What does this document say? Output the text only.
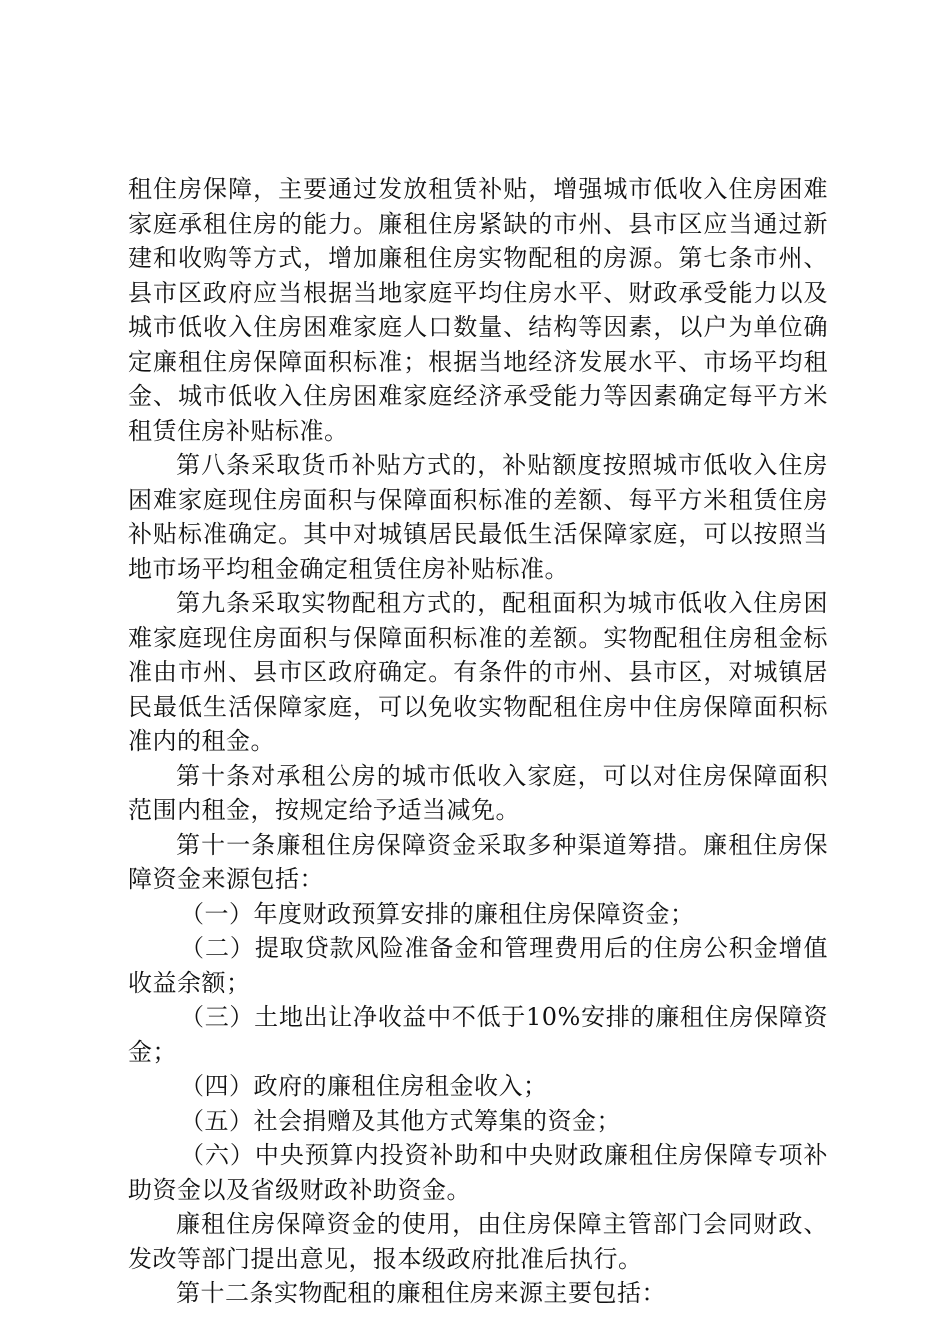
租住房保障，主要通过发放租赁补贴，增强城市低收入住房困难家庭承租住房的能力。廉租住房紧缺的市州、县市区应当通过新建和收购等方式，增加廉租住房实物配租的房源。第七条市州、县市区政府应当根据当地家庭平均住房水平、财政承受能力以及城市低收入住房困难家庭人口数量、结构等因素，以户为单位确定廉租住房保障面积标准；根据当地经济发展水平、市场平均租金、城市低收入住房困难家庭经济承受能力等因素确定每平方米租赁住房补贴标准。

第八条采取货币补贴方式的，补贴额度按照城市低收入住房困难家庭现住房面积与保障面积标准的差额、每平方米租赁住房补贴标准确定。其中对城镇居民最低生活保障家庭，可以按照当地市场平均租金确定租赁住房补贴标准。

第九条采取实物配租方式的，配租面积为城市低收入住房困难家庭现住房面积与保障面积标准的差额。实物配租住房租金标准由市州、县市区政府确定。有条件的市州、县市区，对城镇居民最低生活保障家庭，可以免收实物配租住房中住房保障面积标准内的租金。

第十条对承租公房的城市低收入家庭，可以对住房保障面积范围内租金，按规定给予适当减免。

第十一条廉租住房保障资金采取多种渠道筹措。廉租住房保障资金来源包括：

（一）年度财政预算安排的廉租住房保障资金；

（二）提取贷款风险准备金和管理费用后的住房公积金增值收益余额；

（三）土地出让净收益中不低于10%安排的廉租住房保障资金；

（四）政府的廉租住房租金收入；

（五）社会捐赠及其他方式筹集的资金；

（六）中央预算内投资补助和中央财政廉租住房保障专项补助资金以及省级财政补助资金。

廉租住房保障资金的使用，由住房保障主管部门会同财政、发改等部门提出意见，报本级政府批准后执行。

第十二条实物配租的廉租住房来源主要包括：
